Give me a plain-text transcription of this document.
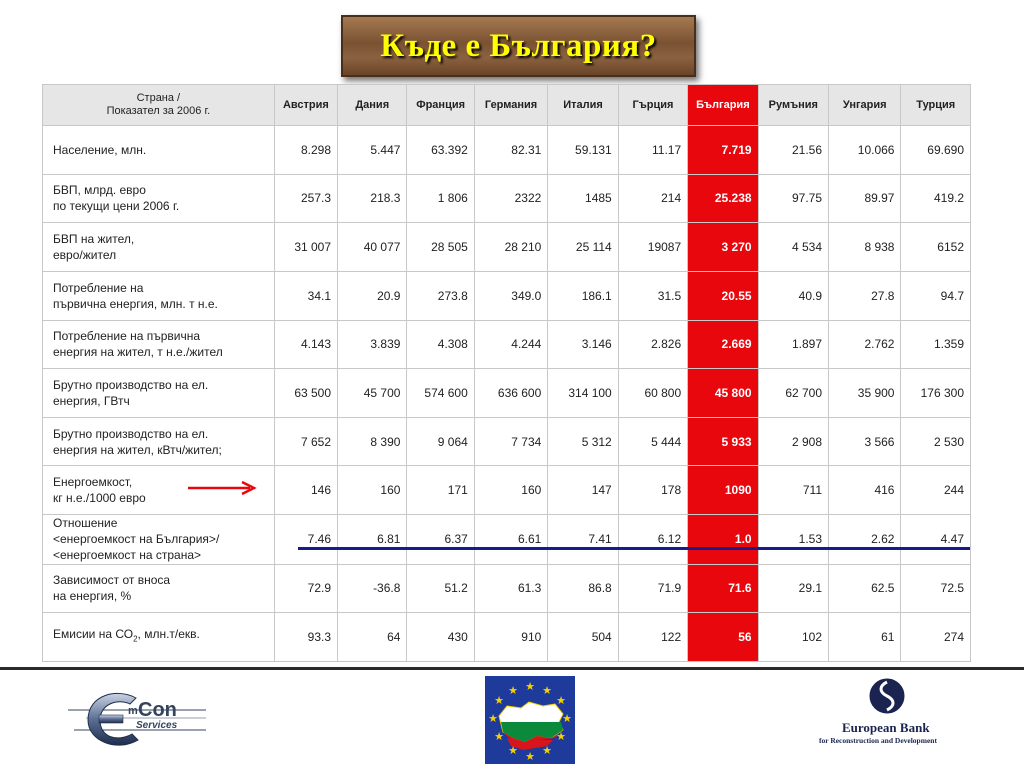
Къде е България?
Страна /
Показател за 2006 г.	Австрия	Дания	Франция	Германия	Италия	Гърция	България	Румъния	Унгария	Турция

Население, млн.	8.298	5.447	63.392	82.31	59.131	11.17	7.719	21.56	10.066	69.690

БВП, млрд. евро
по текущи цени 2006 г.	257.3	218.3	1 806	2322	1485	214	25.238	97.75	89.97	419.2

БВП на жител,
евро/жител	31 007	40 077	28 505	28 210	25 114	19087	3 270	4 534	8 938	6152

Потребление на
първична енергия, млн. т н.е.	34.1	20.9	273.8	349.0	186.1	31.5	20.55	40.9	27.8	94.7

Потребление на първична
енергия на жител, т н.е./жител	4.143	3.839	4.308	4.244	3.146	2.826	2.669	1.897	2.762	1.359

Брутно производство на ел.
енергия, ГВтч	63 500	45 700	574 600	636 600	314 100	60 800	45 800	62 700	35 900	176 300

Брутно производство на ел.
енергия на жител, кВтч/жител;	7 652	8 390	9 064	7 734	5 312	5 444	5 933	2 908	3 566	2 530

Енергоемкост,
кг н.е./1000 евро	146	160	171	160	147	178	1090	711	416	244

Отношение
<енергоемкост на България>/
<енергоемкост на страна>	7.46	6.81	6.37	6.61	7.41	6.12	1.0	1.53	2.62	4.47

Зависимост от вноса
на енергия, %	72.9	-36.8	51.2	61.3	86.8	71.9	71.6	29.1	62.5	72.5

Емисии на $СО_2$, млн.т/екв.	93.3	64	430	910	504	122	56	102	61	274
m Con
Services
★ ★
★
★
★
★
★
★
★
★
★
★
European Bank
for Reconstruction and Development
